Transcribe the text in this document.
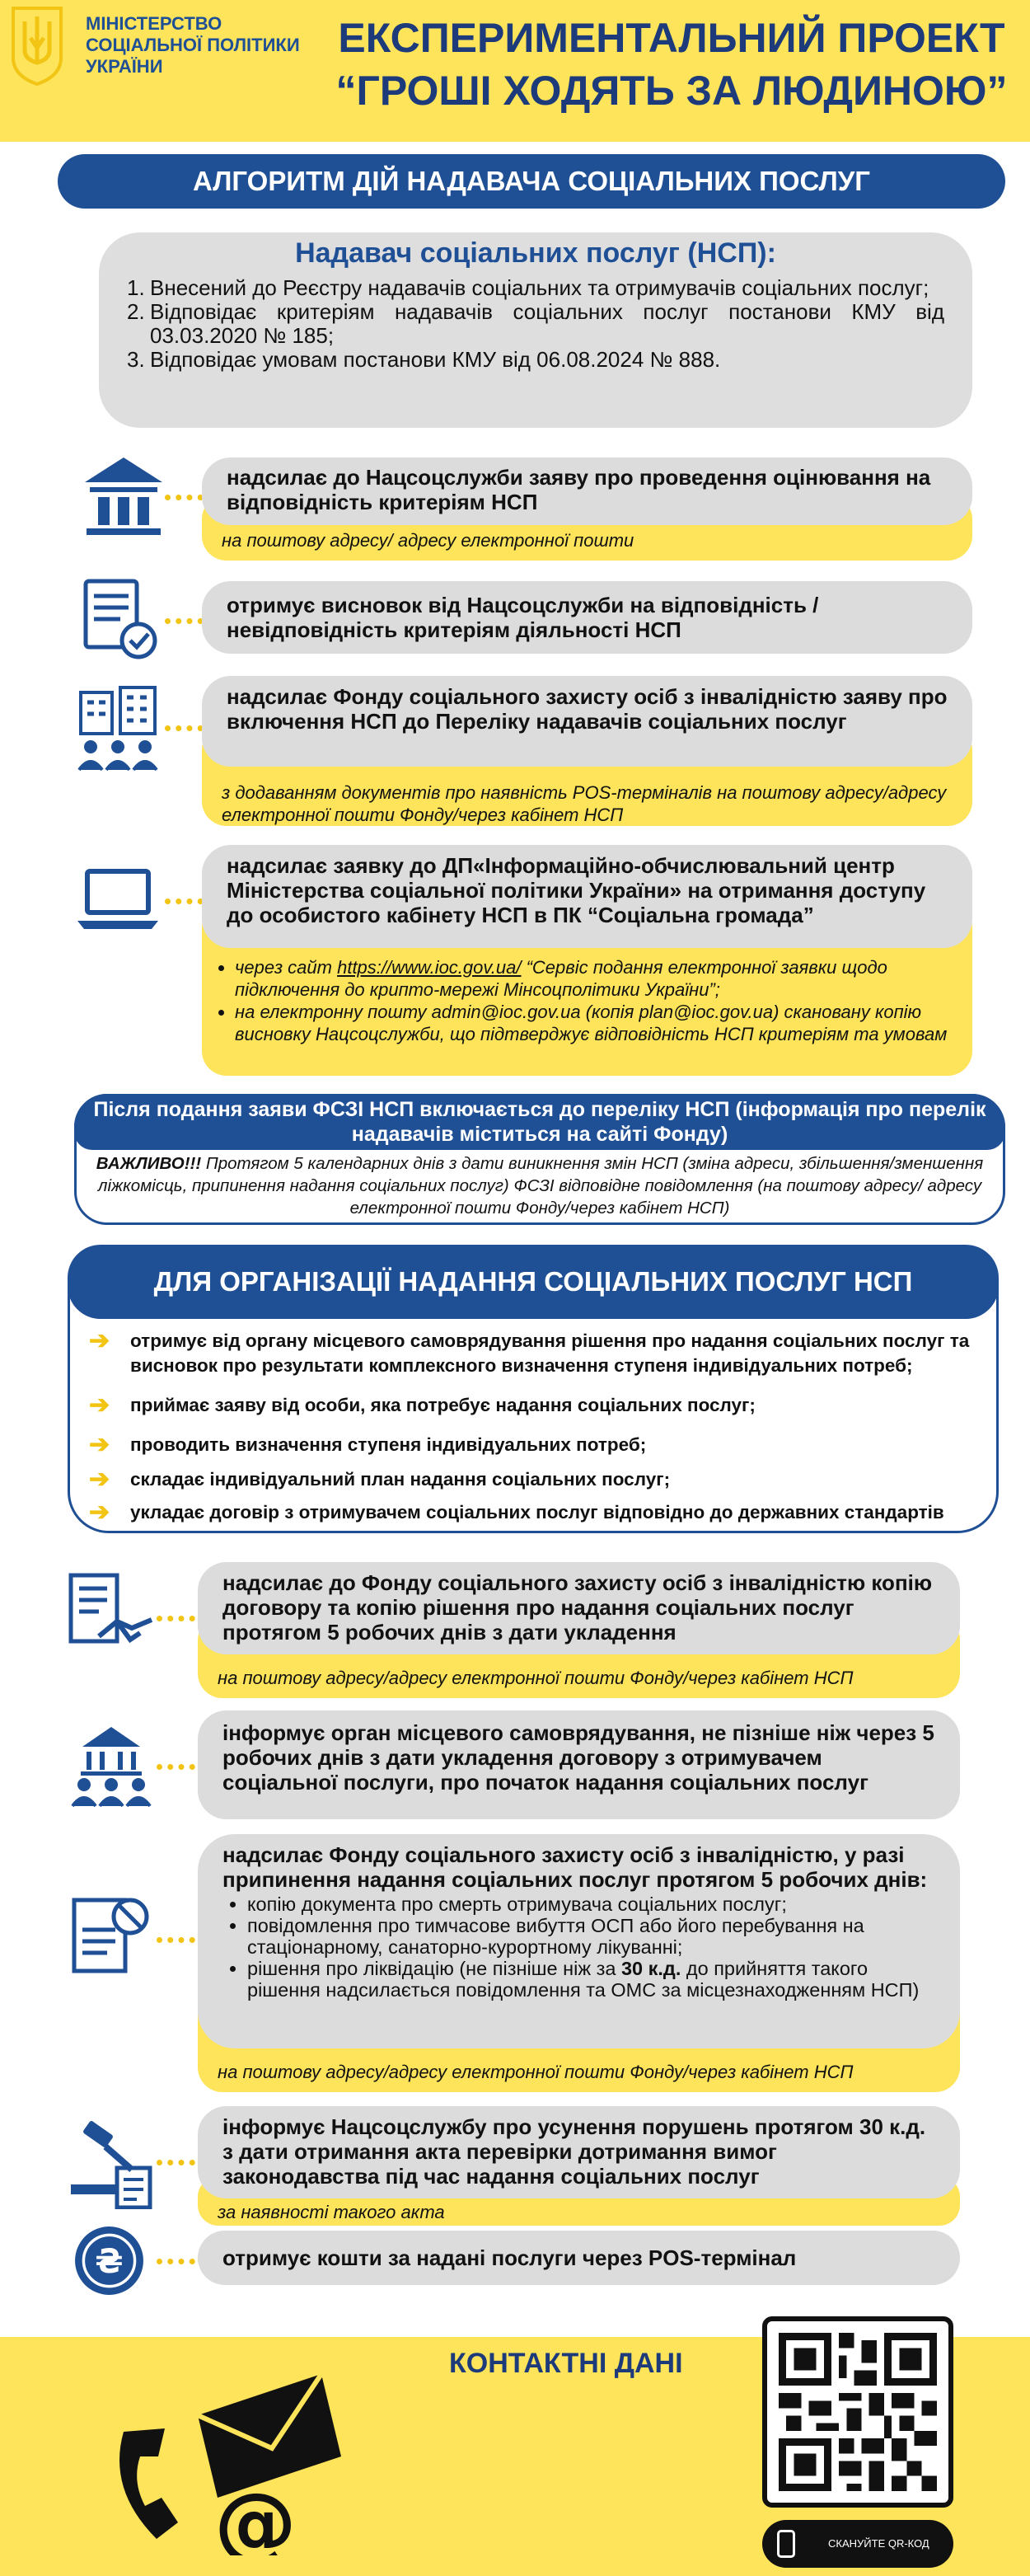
МІНІСТЕРСТВО СОЦІАЛЬНОЇ ПОЛІТИКИ УКРАЇНИ
ЕКСПЕРИМЕНТАЛЬНИЙ ПРОЕКТ
“ГРОШІ ХОДЯТЬ ЗА ЛЮДИНОЮ”
АЛГОРИТМ ДІЙ НАДАВАЧА СОЦІАЛЬНИХ ПОСЛУГ
Надавач соціальних послуг (НСП):
1. Внесений до Реєстру надавачів соціальних та отримувачів соціальних послуг;
2. Відповідає критеріям надавачів соціальних послуг постанови КМУ від 03.03.2020 № 185;
3. Відповідає умовам постанови КМУ від 06.08.2024 № 888.
на поштову адресу/ адресу електронної пошти
надсилає до Нацсоцслужби заяву про проведення оцінювання на відповідність критеріям НСП
отримує висновок від Нацсоцслужби на відповідність / невідповідність критеріям діяльності НСП
з додаванням документів про наявність POS-терміналів на поштову адресу/адресу електронної пошти Фонду/через кабінет НСП
надсилає Фонду соціального захисту осіб з інвалідністю заяву про включення НСП до Переліку надавачів соціальних послуг
• через сайт https://www.ioc.gov.ua/ “Сервіс подання електронної заявки щодо підключення до крипто-мережі Мінсоцполітики України”;
• на електронну пошту admin@ioc.gov.ua (копія plan@ioc.gov.ua) скановану копію висновку Нацсоцслужби, що підтверджує відповідність НСП критеріям та умовам
надсилає заявку до ДП«Інформаційно-обчислювальний центр Міністерства соціальної політики України» на отримання доступу до особистого кабінету НСП в ПК “Соціальна громада”
Після подання заяви ФСЗІ НСП включається до переліку НСП (інформація про перелік надавачів міститься на сайті Фонду)
ВАЖЛИВО!!! Протягом 5 календарних днів з дати виникнення змін НСП (зміна адреси, збільшення/зменшення ліжкомісць, припинення надання соціальних послуг) ФСЗІ відповідне повідомлення (на поштову адресу/ адресу електронної пошти Фонду/через кабінет НСП)
ДЛЯ ОРГАНІЗАЦІЇ НАДАННЯ СОЦІАЛЬНИХ ПОСЛУГ НСП
➔	отримує від органу місцевого самоврядування рішення про надання соціальних послуг та висновок про результати комплексного визначення ступеня індивідуальних потреб;
➔	приймає заяву від особи, яка потребує надання соціальних послуг;
➔	проводить визначення ступеня індивідуальних потреб;
➔	складає індивідуальний план надання соціальних послуг;
➔	укладає договір з отримувачем соціальних послуг відповідно до державних стандартів
на поштову адресу/адресу електронної пошти Фонду/через кабінет НСП
надсилає до Фонду соціального захисту осіб з інвалідністю копію договору та копію рішення про надання соціальних послуг протягом 5 робочих днів з дати укладення
інформує орган місцевого самоврядування, не пізніше ніж через 5 робочих днів з дати укладення договору з отримувачем соціальної послуги, про початок надання соціальних послуг
на поштову адресу/адресу електронної пошти Фонду/через кабінет НСП
надсилає Фонду соціального захисту осіб з інвалідністю, у разі припинення надання соціальних послуг протягом 5 робочих днів:
• копію документа про смерть отримувача соціальних послуг;
• повідомлення про тимчасове вибуття ОСП або його перебування на стаціонарному, санаторно-курортному лікуванні;
• рішення про ліквідацію (не пізніше ніж за 30 к.д. до прийняття такого рішення надсилається повідомлення та ОМС за місцезнаходженням НСП)
за наявності такого акта
інформує Нацсоцслужбу про усунення порушень протягом 30 к.д. з дати отримання акта перевірки дотримання вимог законодавства під час надання соціальних послуг
₴	отримує кошти за надані послуги через POS-термінал
@
КОНТАКТНІ ДАНІ
СКАНУЙТЕ QR-КОД
